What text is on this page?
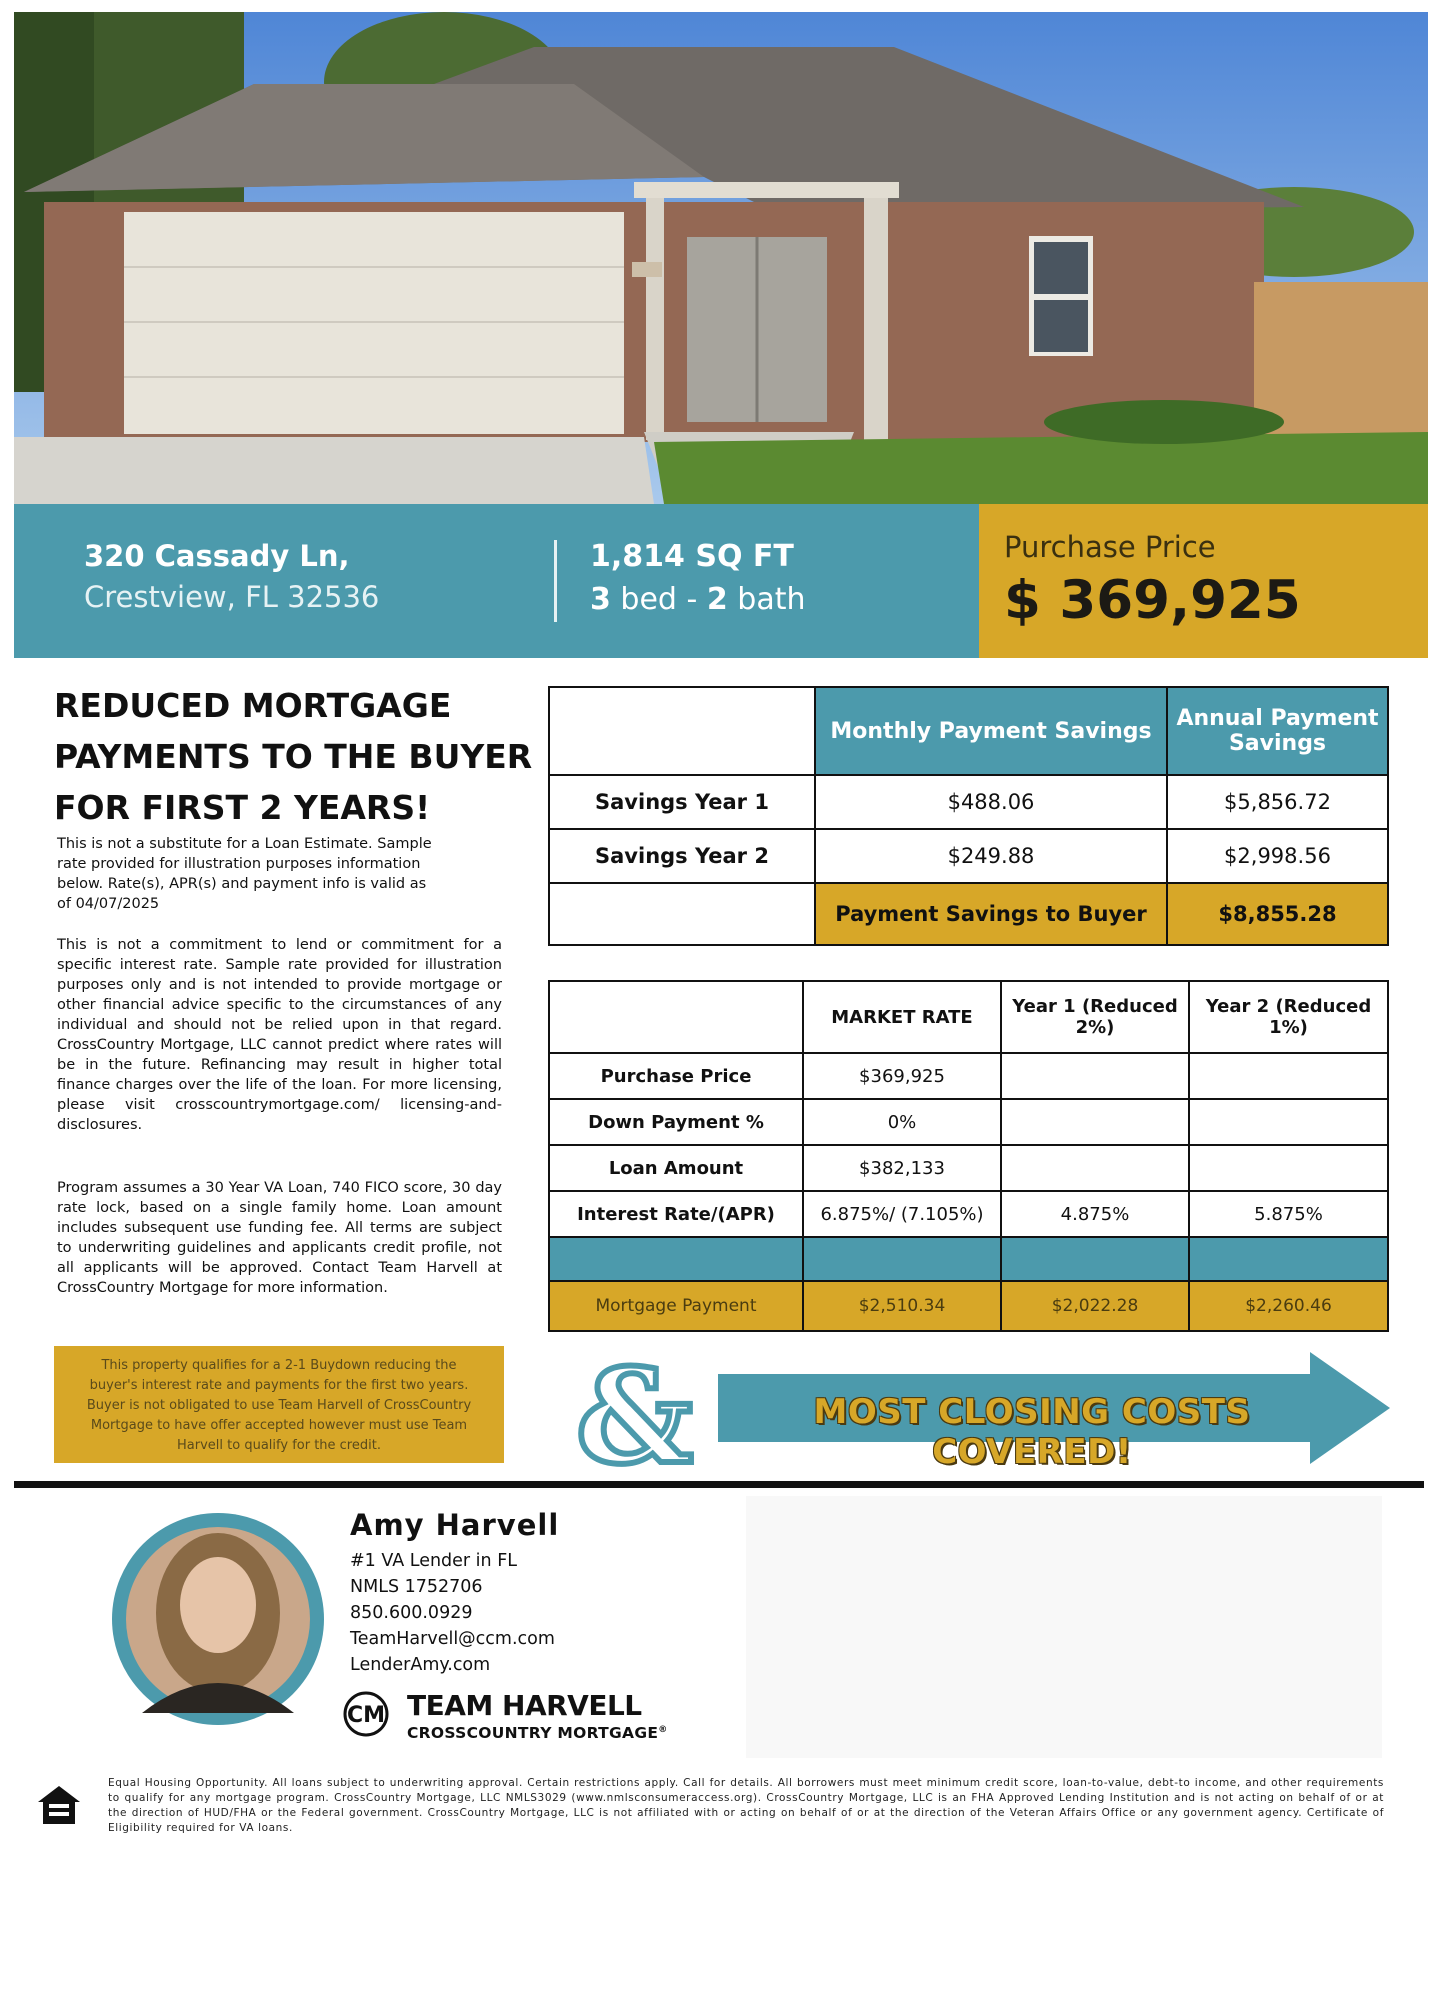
320 Cassady Ln,
Crestview, FL 32536
1,814 SQ FT
3 bed - 2 bath
Purchase Price
$ 369,925
REDUCED MORTGAGE PAYMENTS TO THE BUYER FOR FIRST 2 YEARS!
This is not a substitute for a Loan Estimate. Sample rate provided for illustration purposes information below. Rate(s), APR(s) and payment info is valid as of 04/07/2025
This is not a commitment to lend or commitment for a specific interest rate. Sample rate provided for illustration purposes only and is not intended to provide mortgage or other financial advice specific to the circumstances of any individual and should not be relied upon in that regard. CrossCountry Mortgage, LLC cannot predict where rates will be in the future. Refinancing may result in higher total finance charges over the life of the loan. For more licensing, please visit crosscountrymortgage.com/ licensing-and-disclosures.
Program assumes a 30 Year VA Loan, 740 FICO score, 30 day rate lock, based on a single family home. Loan amount includes subsequent use funding fee. All terms are subject to underwriting guidelines and applicants credit profile, not all applicants will be approved. Contact Team Harvell at CrossCountry Mortgage for more information.
This property qualifies for a 2-1 Buydown reducing the buyer's interest rate and payments for the first two years. Buyer is not obligated to use Team Harvell of CrossCountry Mortgage to have offer accepted however must use Team Harvell to qualify for the credit.
	Monthly Payment Savings	Annual Payment Savings
Savings Year 1	$488.06	$5,856.72
Savings Year 2	$249.88	$2,998.56
	Payment Savings to Buyer	$8,855.28
	MARKET RATE	Year 1 (Reduced 2%)	Year 2 (Reduced 1%)
Purchase Price	$369,925		
Down Payment %	0%		
Loan Amount	$382,133		
Interest Rate/(APR)	6.875%/ (7.105%)	4.875%	5.875%

Mortgage Payment	$2,510.34	$2,022.28	$2,260.46
&	MOST CLOSING COSTS COVERED!
Amy Harvell
#1 VA Lender in FL
NMLS 1752706
850.600.0929
TeamHarvell@ccm.com
LenderAmy.com
CM TEAM HARVELL
CROSSCOUNTRY MORTGAGE®
Equal Housing Opportunity. All loans subject to underwriting approval. Certain restrictions apply. Call for details. All borrowers must meet minimum credit score, loan-to-value, debt-to income, and other requirements to qualify for any mortgage program. CrossCountry Mortgage, LLC NMLS3029 (www.nmlsconsumeraccess.org). CrossCountry Mortgage, LLC is an FHA Approved Lending Institution and is not acting on behalf of or at the direction of HUD/FHA or the Federal government. CrossCountry Mortgage, LLC is not affiliated with or acting on behalf of or at the direction of the Veteran Affairs Office or any government agency. Certificate of Eligibility required for VA loans.
